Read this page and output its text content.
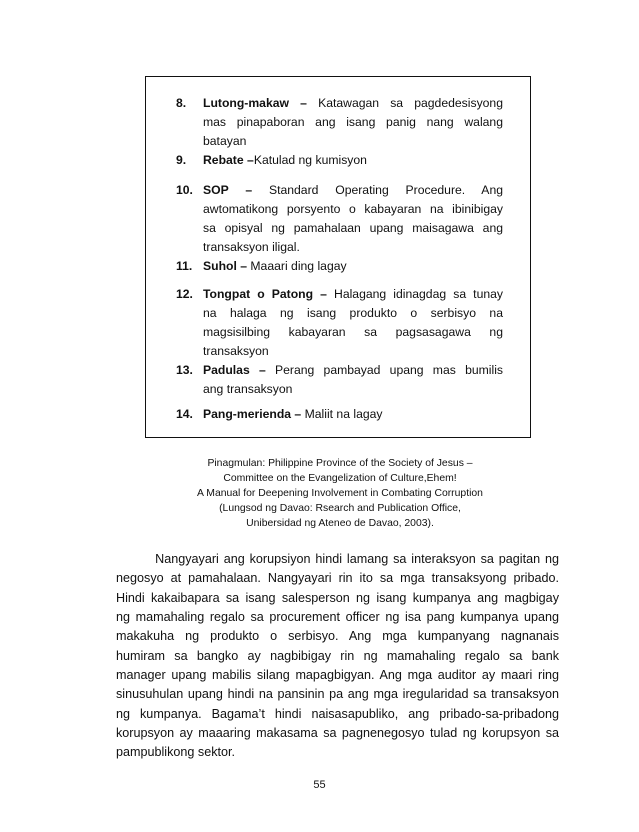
8.	Lutong-makaw – Katawagan sa pagdedesisyong
mas pinapaboran ang isang panig nang walang
batayan
9.	Rebate –Katulad ng kumisyon
10. SOP – Standard Operating Procedure. Ang
awtomatikong porsyento o kabayaran na ibinibigay
sa opisyal ng pamahalaan upang maisagawa ang
transaksyon iligal.
11. Suhol – Maaari ding lagay
12. Tongpat o Patong – Halagang idinagdag sa tunay
na halaga ng isang produkto o serbisyo na
magsisilbing kabayaran sa pagsasagawa ng
transaksyon
13. Padulas – Perang pambayad upang mas bumilis
ang transaksyon
14. Pang-merienda – Maliit na lagay
Pinagmulan: Philippine Province of the Society of Jesus –
Committee on the Evangelization of Culture,Ehem!
A Manual for Deepening Involvement in Combating Corruption
(Lungsod ng Davao: Rsearch and Publication Office,
Unibersidad ng Ateneo de Davao, 2003).
Nangyayari ang korupsiyon hindi lamang sa interaksyon sa pagitan ng
negosyo at pamahalaan. Nangyayari rin ito sa mga transaksyong pribado.
Hindi kakaibapara sa isang salesperson ng isang kumpanya ang magbigay
ng mamahaling regalo sa procurement officer ng isa pang kumpanya upang
makakuha ng produkto o serbisyo. Ang mga kumpanyang nagnanais
humiram sa bangko ay nagbibigay rin ng mamahaling regalo sa bank
manager upang mabilis silang mapagbigyan. Ang mga auditor ay maari ring
sinusuhulan upang hindi na pansinin pa ang mga iregularidad sa transaksyon
ng kumpanya. Bagama’t hindi naisasapubliko, ang pribado-sa-pribadong
korupsyon ay maaaring makasama sa pagnenegosyo tulad ng korupsyon sa
pampublikong sektor.
55
